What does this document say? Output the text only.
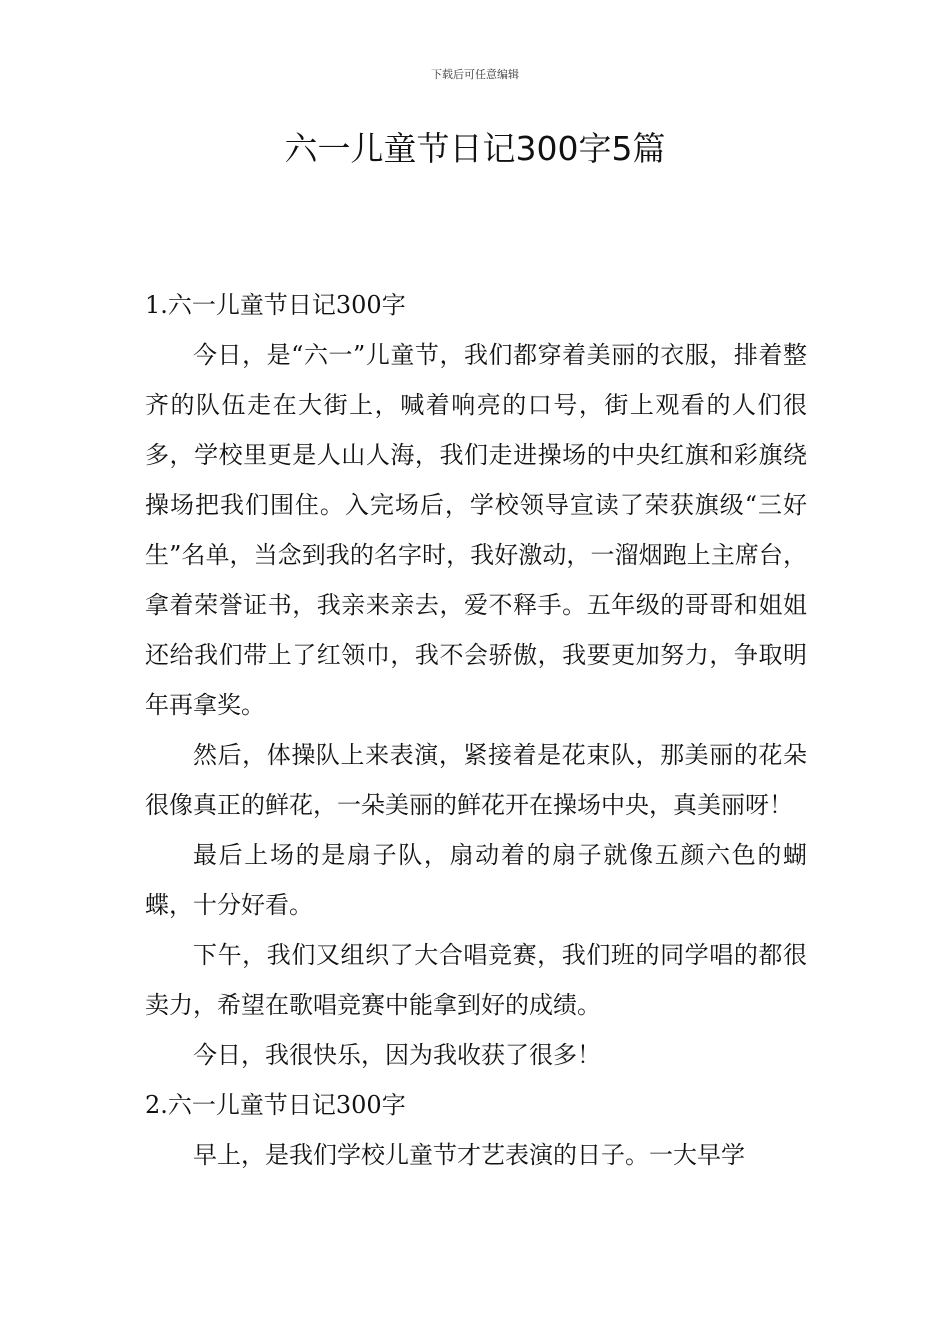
下载后可任意编辑
六一儿童节日记300字5篇
1.六一儿童节日记300字

今日，是“六一”儿童节，我们都穿着美丽的衣服，排着整齐的队伍走在大街上，喊着响亮的口号，街上观看的人们很多，学校里更是人山人海，我们走进操场的中央红旗和彩旗绕操场把我们围住。入完场后，学校领导宣读了荣获旗级“三好生”名单，当念到我的名字时，我好激动，一溜烟跑上主席台，拿着荣誉证书，我亲来亲去，爱不释手。五年级的哥哥和姐姐还给我们带上了红领巾，我不会骄傲，我要更加努力，争取明年再拿奖。

然后，体操队上来表演，紧接着是花束队，那美丽的花朵很像真正的鲜花，一朵美丽的鲜花开在操场中央，真美丽呀！

最后上场的是扇子队，扇动着的扇子就像五颜六色的蝴蝶，十分好看。

下午，我们又组织了大合唱竞赛，我们班的同学唱的都很卖力，希望在歌唱竞赛中能拿到好的成绩。

今日，我很快乐，因为我收获了很多！

2.六一儿童节日记300字

早上，是我们学校儿童节才艺表演的日子。一大早学
